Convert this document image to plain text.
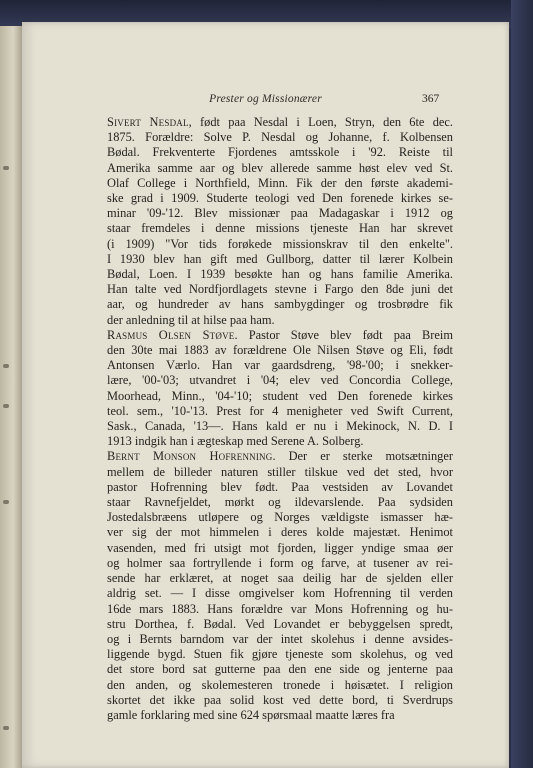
Prester og Missionærer	367

Sivert Nesdal, født paa Nesdal i Loen, Stryn, den 6te dec.
1875. Forældre: Solve P. Nesdal og Johanne, f. Kolbensen
Bødal. Frekventerte Fjordenes amtsskole i '92. Reiste til
Amerika samme aar og blev allerede samme høst elev ved St.
Olaf College i Northfield, Minn. Fik der den første akademi-
ske grad i 1909. Studerte teologi ved Den forenede kirkes se-
minar '09-'12. Blev missionær paa Madagaskar i 1912 og
staar fremdeles i denne missions tjeneste Han har skrevet
(i 1909) "Vor tids forøkede missionskrav til den enkelte".
I 1930 blev han gift med Gullborg, datter til lærer Kolbein
Bødal, Loen. I 1939 besøkte han og hans familie Amerika.
Han talte ved Nordfjordlagets stevne i Fargo den 8de juni det
aar, og hundreder av hans sambygdinger og trosbrødre fik
der anledning til at hilse paa ham.

Rasmus Olsen Støve. Pastor Støve blev født paa Breim
den 30te mai 1883 av forældrene Ole Nilsen Støve og Eli, født
Antonsen Værlo. Han var gaardsdreng, '98-'00; i snekker-
lære, '00-'03; utvandret i '04; elev ved Concordia College,
Moorhead, Minn., '04-'10; student ved Den forenede kirkes
teol. sem., '10-'13. Prest for 4 menigheter ved Swift Current,
Sask., Canada, '13—. Hans kald er nu i Mekinock, N. D. I
1913 indgik han i ægteskap med Serene A. Solberg.

Bernt Monson Hofrenning. Der er sterke motsætninger
mellem de billeder naturen stiller tilskue ved det sted, hvor
pastor Hofrenning blev født. Paa vestsiden av Lovandet
staar Ravnefjeldet, mørkt og ildevarslende. Paa sydsiden
Jostedalsbræens utløpere og Norges vældigste ismasser hæ-
ver sig der mot himmelen i deres kolde majestæt. Henimot
vasenden, med fri utsigt mot fjorden, ligger yndige smaa øer
og holmer saa fortryllende i form og farve, at tusener av rei-
sende har erklæret, at noget saa deilig har de sjelden eller
aldrig set. — I disse omgivelser kom Hofrenning til verden
16de mars 1883. Hans forældre var Mons Hofrenning og hu-
stru Dorthea, f. Bødal. Ved Lovandet er bebyggelsen spredt,
og i Bernts barndom var der intet skolehus i denne avsides-
liggende bygd. Stuen fik gjøre tjeneste som skolehus, og ved
det store bord sat gutterne paa den ene side og jenterne paa
den anden, og skolemesteren tronede i høisætet. I religion
skortet det ikke paa solid kost ved dette bord, ti Sverdrups
gamle forklaring med sine 624 spørsmaal maatte læres fra
